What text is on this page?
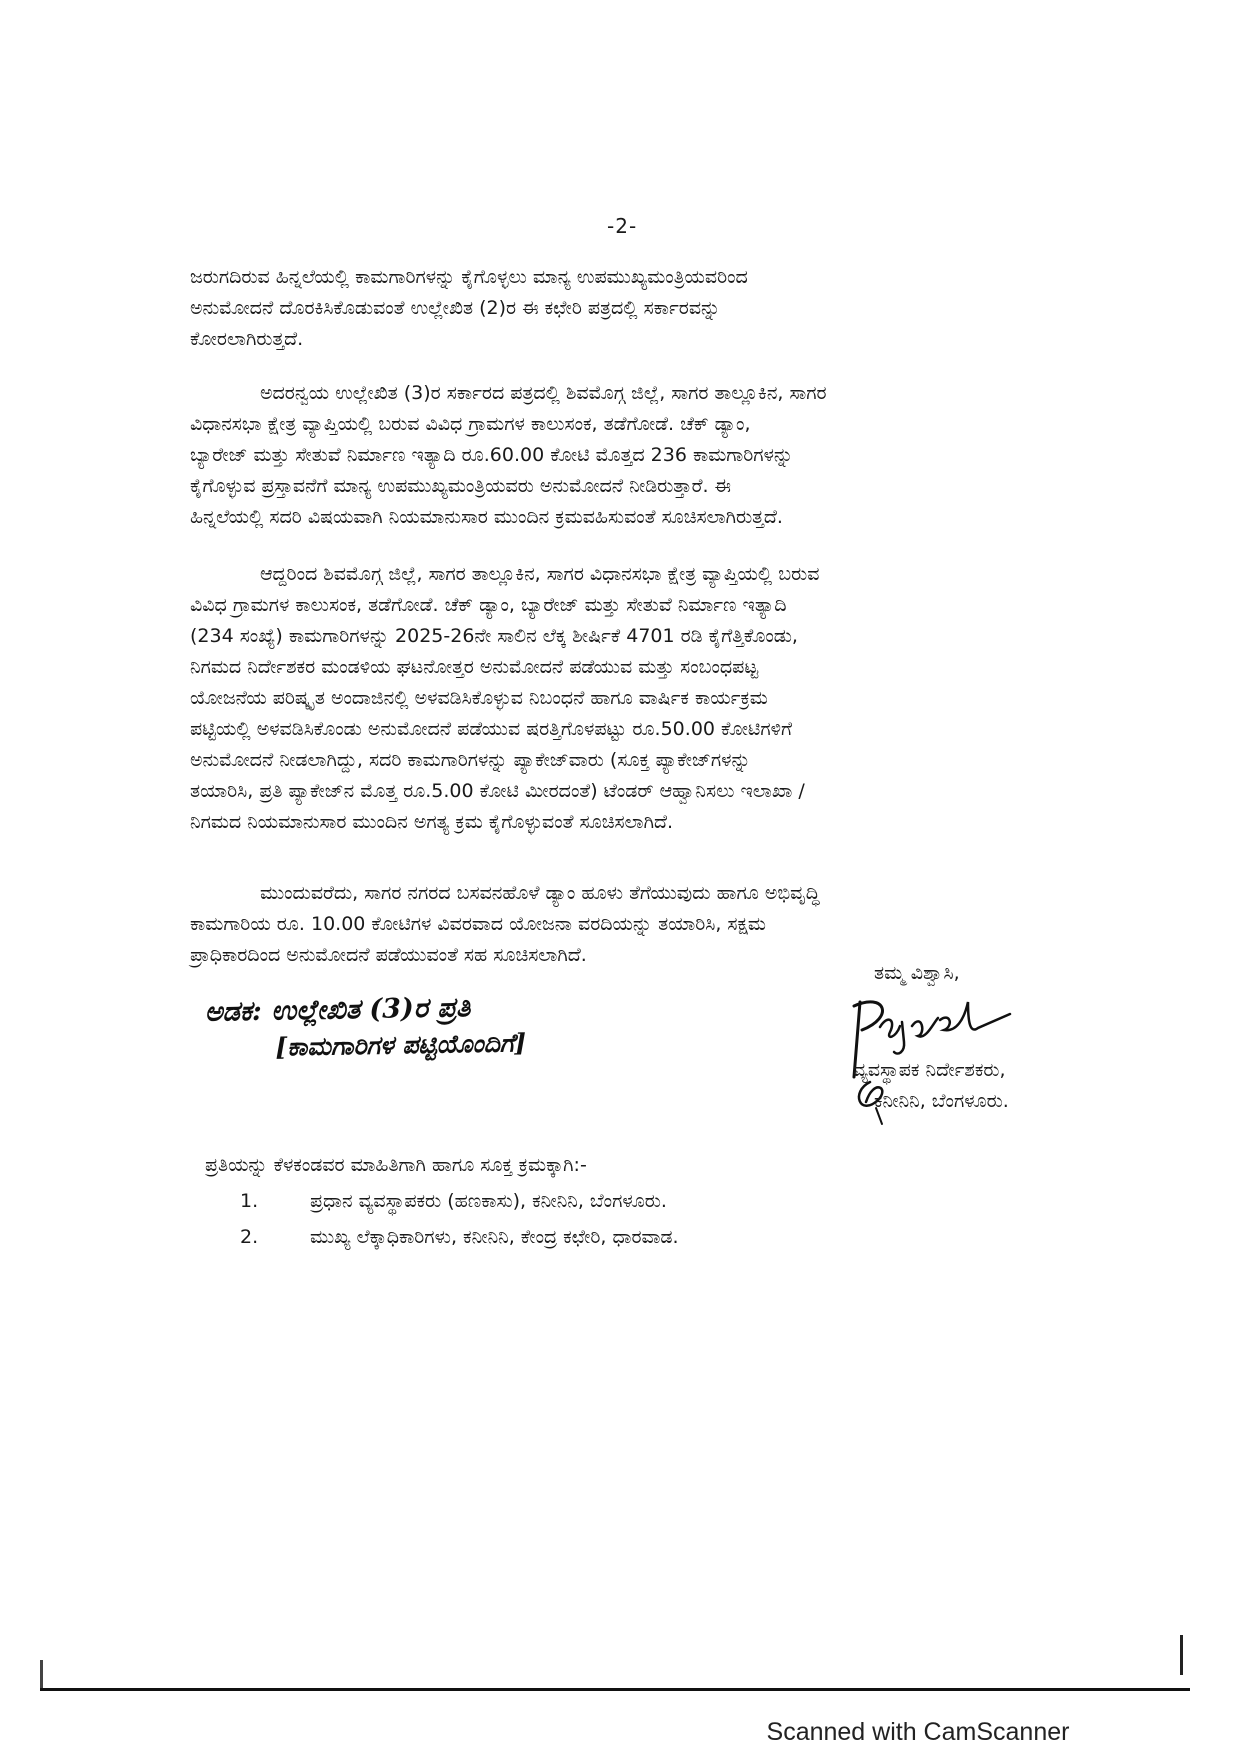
-2-
ಜರುಗದಿರುವ ಹಿನ್ನಲೆಯಲ್ಲಿ ಕಾಮಗಾರಿಗಳನ್ನು ಕೈಗೊಳ್ಳಲು ಮಾನ್ಯ ಉಪಮುಖ್ಯಮಂತ್ರಿಯವರಿಂದ
ಅನುಮೋದನೆ ದೊರಕಿಸಿಕೊಡುವಂತೆ ಉಲ್ಲೇಖಿತ (2)ರ ಈ ಕಛೇರಿ ಪತ್ರದಲ್ಲಿ ಸರ್ಕಾರವನ್ನು
ಕೋರಲಾಗಿರುತ್ತದೆ.
ಅದರನ್ವಯ ಉಲ್ಲೇಖಿತ (3)ರ ಸರ್ಕಾರದ ಪತ್ರದಲ್ಲಿ ಶಿವಮೊಗ್ಗ ಜಿಲ್ಲೆ, ಸಾಗರ ತಾಲ್ಲೂಕಿನ, ಸಾಗರ
ವಿಧಾನಸಭಾ ಕ್ಷೇತ್ರ ವ್ಯಾಪ್ತಿಯಲ್ಲಿ ಬರುವ ವಿವಿಧ ಗ್ರಾಮಗಳ ಕಾಲುಸಂಕ, ತಡೆಗೋಡೆ. ಚೆಕ್ ಡ್ಯಾಂ,
ಬ್ಯಾರೇಜ್ ಮತ್ತು ಸೇತುವೆ ನಿರ್ಮಾಣ ಇತ್ಯಾದಿ ರೂ.60.00 ಕೋಟಿ ಮೊತ್ತದ 236 ಕಾಮಗಾರಿಗಳನ್ನು
ಕೈಗೊಳ್ಳುವ ಪ್ರಸ್ತಾವನೆಗೆ ಮಾನ್ಯ ಉಪಮುಖ್ಯಮಂತ್ರಿಯವರು ಅನುಮೋದನೆ ನೀಡಿರುತ್ತಾರೆ. ಈ
ಹಿನ್ನಲೆಯಲ್ಲಿ ಸದರಿ ವಿಷಯವಾಗಿ ನಿಯಮಾನುಸಾರ ಮುಂದಿನ ಕ್ರಮವಹಿಸುವಂತೆ ಸೂಚಿಸಲಾಗಿರುತ್ತದೆ.
ಆದ್ದರಿಂದ ಶಿವಮೊಗ್ಗ ಜಿಲ್ಲೆ, ಸಾಗರ ತಾಲ್ಲೂಕಿನ, ಸಾಗರ ವಿಧಾನಸಭಾ ಕ್ಷೇತ್ರ ವ್ಯಾಪ್ತಿಯಲ್ಲಿ ಬರುವ
ವಿವಿಧ ಗ್ರಾಮಗಳ ಕಾಲುಸಂಕ, ತಡೆಗೋಡೆ. ಚೆಕ್ ಡ್ಯಾಂ, ಬ್ಯಾರೇಜ್ ಮತ್ತು ಸೇತುವೆ ನಿರ್ಮಾಣ ಇತ್ಯಾದಿ
(234 ಸಂಖ್ಯೆ) ಕಾಮಗಾರಿಗಳನ್ನು 2025-26ನೇ ಸಾಲಿನ ಲೆಕ್ಕ ಶೀರ್ಷಿಕೆ 4701 ರಡಿ ಕೈಗೆತ್ತಿಕೊಂಡು,
ನಿಗಮದ ನಿರ್ದೇಶಕರ ಮಂಡಳಿಯ ಘಟನೋತ್ತರ ಅನುಮೋದನೆ ಪಡೆಯುವ ಮತ್ತು ಸಂಬಂಧಪಟ್ಟ
ಯೋಜನೆಯ ಪರಿಷ್ಕೃತ ಅಂದಾಜಿನಲ್ಲಿ ಅಳವಡಿಸಿಕೊಳ್ಳುವ ನಿಬಂಧನೆ ಹಾಗೂ ವಾರ್ಷಿಕ ಕಾರ್ಯಕ್ರಮ
ಪಟ್ಟಿಯಲ್ಲಿ ಅಳವಡಿಸಿಕೊಂಡು ಅನುಮೋದನೆ ಪಡೆಯುವ ಷರತ್ತಿಗೊಳಪಟ್ಟು ರೂ.50.00 ಕೋಟಿಗಳಿಗೆ
ಅನುಮೋದನೆ ನೀಡಲಾಗಿದ್ದು, ಸದರಿ ಕಾಮಗಾರಿಗಳನ್ನು ಪ್ಯಾಕೇಜ್‌ವಾರು (ಸೂಕ್ತ ಪ್ಯಾಕೇಜ್‌ಗಳನ್ನು
ತಯಾರಿಸಿ, ಪ್ರತಿ ಪ್ಯಾಕೇಜ್‌ನ ಮೊತ್ತ ರೂ.5.00 ಕೋಟಿ ಮೀರದಂತೆ) ಟೆಂಡರ್ ಆಹ್ವಾನಿಸಲು ಇಲಾಖಾ /
ನಿಗಮದ ನಿಯಮಾನುಸಾರ ಮುಂದಿನ ಅಗತ್ಯ ಕ್ರಮ ಕೈಗೊಳ್ಳುವಂತೆ ಸೂಚಿಸಲಾಗಿದೆ.
ಮುಂದುವರೆದು, ಸಾಗರ ನಗರದ ಬಸವನಹೊಳೆ ಡ್ಯಾಂ ಹೂಳು ತೆಗೆಯುವುದು ಹಾಗೂ ಅಭಿವೃದ್ಧಿ
ಕಾಮಗಾರಿಯ ರೂ. 10.00 ಕೋಟಿಗಳ ವಿವರವಾದ ಯೋಜನಾ ವರದಿಯನ್ನು ತಯಾರಿಸಿ, ಸಕ್ಷಮ
ಪ್ರಾಧಿಕಾರದಿಂದ ಅನುಮೋದನೆ ಪಡೆಯುವಂತೆ ಸಹ ಸೂಚಿಸಲಾಗಿದೆ.
ತಮ್ಮ ವಿಶ್ವಾಸಿ,
ಅಡಕ: ಉಲ್ಲೇಖಿತ (3)ರ ಪ್ರತಿ
[ಕಾಮಗಾರಿಗಳ ಪಟ್ಟಿಯೊಂದಿಗೆ]
ವ್ಯವಸ್ಥಾಪಕ ನಿರ್ದೇಶಕರು,
ಕನೀನಿನಿ, ಬೆಂಗಳೂರು.
ಪ್ರತಿಯನ್ನು ಕೆಳಕಂಡವರ ಮಾಹಿತಿಗಾಗಿ ಹಾಗೂ ಸೂಕ್ತ ಕ್ರಮಕ್ಕಾಗಿ:-
1.	ಪ್ರಧಾನ ವ್ಯವಸ್ಥಾಪಕರು (ಹಣಕಾಸು), ಕನೀನಿನಿ, ಬೆಂಗಳೂರು.
2.	ಮುಖ್ಯ ಲೆಕ್ಕಾಧಿಕಾರಿಗಳು, ಕನೀನಿನಿ, ಕೇಂದ್ರ ಕಛೇರಿ, ಧಾರವಾಡ.
Scanned with CamScanner
